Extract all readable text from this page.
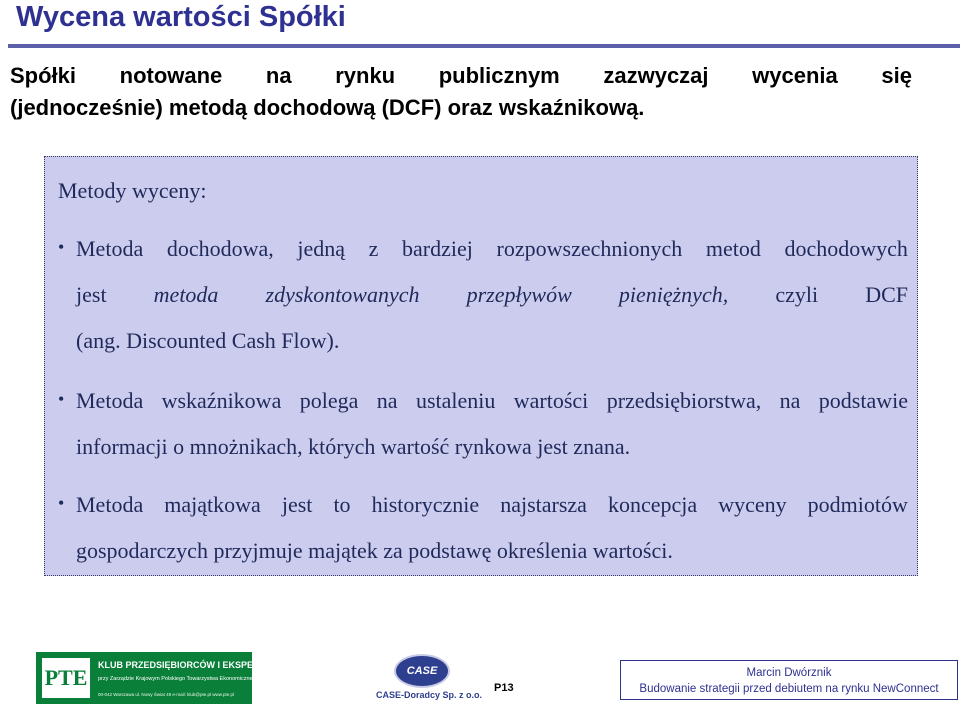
Wycena wartości Spółki
Spółki notowane na rynku publicznym zazwyczaj wycenia się
(jednocześnie) metodą dochodową (DCF) oraz wskaźnikową.
Metody wyceny:
• Metoda dochodowa, jedną z bardziej rozpowszechnionych metod dochodowych
jest metoda zdyskontowanych przepływów pieniężnych, czyli DCF
(ang. Discounted Cash Flow).
• Metoda wskaźnikowa polega na ustaleniu wartości przedsiębiorstwa, na podstawie
informacji o mnożnikach, których wartość rynkowa jest znana.
• Metoda majątkowa jest to historycznie najstarsza koncepcja wyceny podmiotów
gospodarczych przyjmuje majątek za podstawę określenia wartości.
PTE	KLUB PRZEDSIĘBIORCÓW I EKSPERTÓW
przy Zarządzie Krajowym Polskiego Towarzystwa Ekonomicznego
00-042 Warszawa ul. Nowy Świat 49 e-mail: klub@pte.pl www.pte.pl
CASE
CASE-Doradcy Sp. z o.o.
P13
Marcin Dwórznik
Budowanie strategii przed debiutem na rynku NewConnect
